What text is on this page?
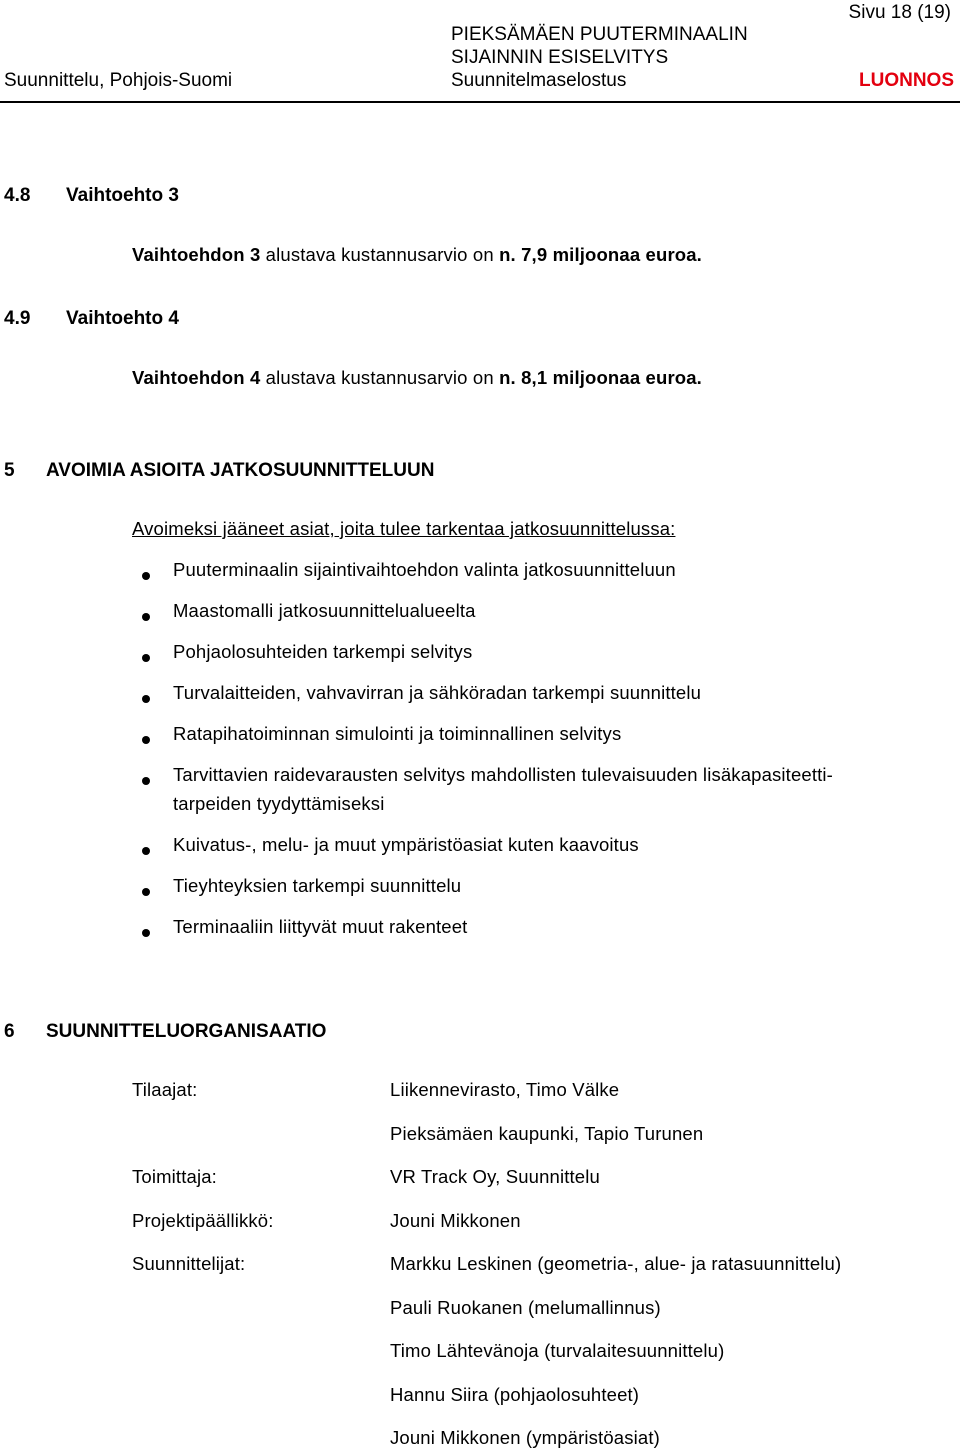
Sivu 18 (19)
PIEKSÄMÄEN PUUTERMINAALIN
SIJAINNIN ESISELVITYS
Suunnittelu, Pohjois-Suomi	Suunnitelmaselostus	LUONNOS
4.8 Vaihtoehto 3
Vaihtoehdon 3 alustava kustannusarvio on n. 7,9 miljoonaa euroa.
4.9 Vaihtoehto 4
Vaihtoehdon 4 alustava kustannusarvio on n. 8,1 miljoonaa euroa.
5 AVOIMIA ASIOITA JATKOSUUNNITTELUUN
Avoimeksi jääneet asiat, joita tulee tarkentaa jatkosuunnittelussa:
Puuterminaalin sijaintivaihtoehdon valinta jatkosuunnitteluun
Maastomalli jatkosuunnittelualueelta
Pohjaolosuhteiden tarkempi selvitys
Turvalaitteiden, vahvavirran ja sähköradan tarkempi suunnittelu
Ratapihatoiminnan simulointi ja toiminnallinen selvitys
Tarvittavien raidevarausten selvitys mahdollisten tulevaisuuden lisäkapasiteetti-
tarpeiden tyydyttämiseksi
Kuivatus-, melu- ja muut ympäristöasiat kuten kaavoitus
Tieyhteyksien tarkempi suunnittelu
Terminaaliin liittyvät muut rakenteet
6 SUUNNITTELUORGANISAATIO
Tilaajat:	Liikennevirasto, Timo Välke
Pieksämäen kaupunki, Tapio Turunen
Toimittaja:	VR Track Oy, Suunnittelu
Projektipäällikkö:	Jouni Mikkonen
Suunnittelijat:	Markku Leskinen (geometria-, alue- ja ratasuunnittelu)
Pauli Ruokanen (melumallinnus)
Timo Lähtevänoja (turvalaitesuunnittelu)
Hannu Siira (pohjaolosuhteet)
Jouni Mikkonen (ympäristöasiat)
